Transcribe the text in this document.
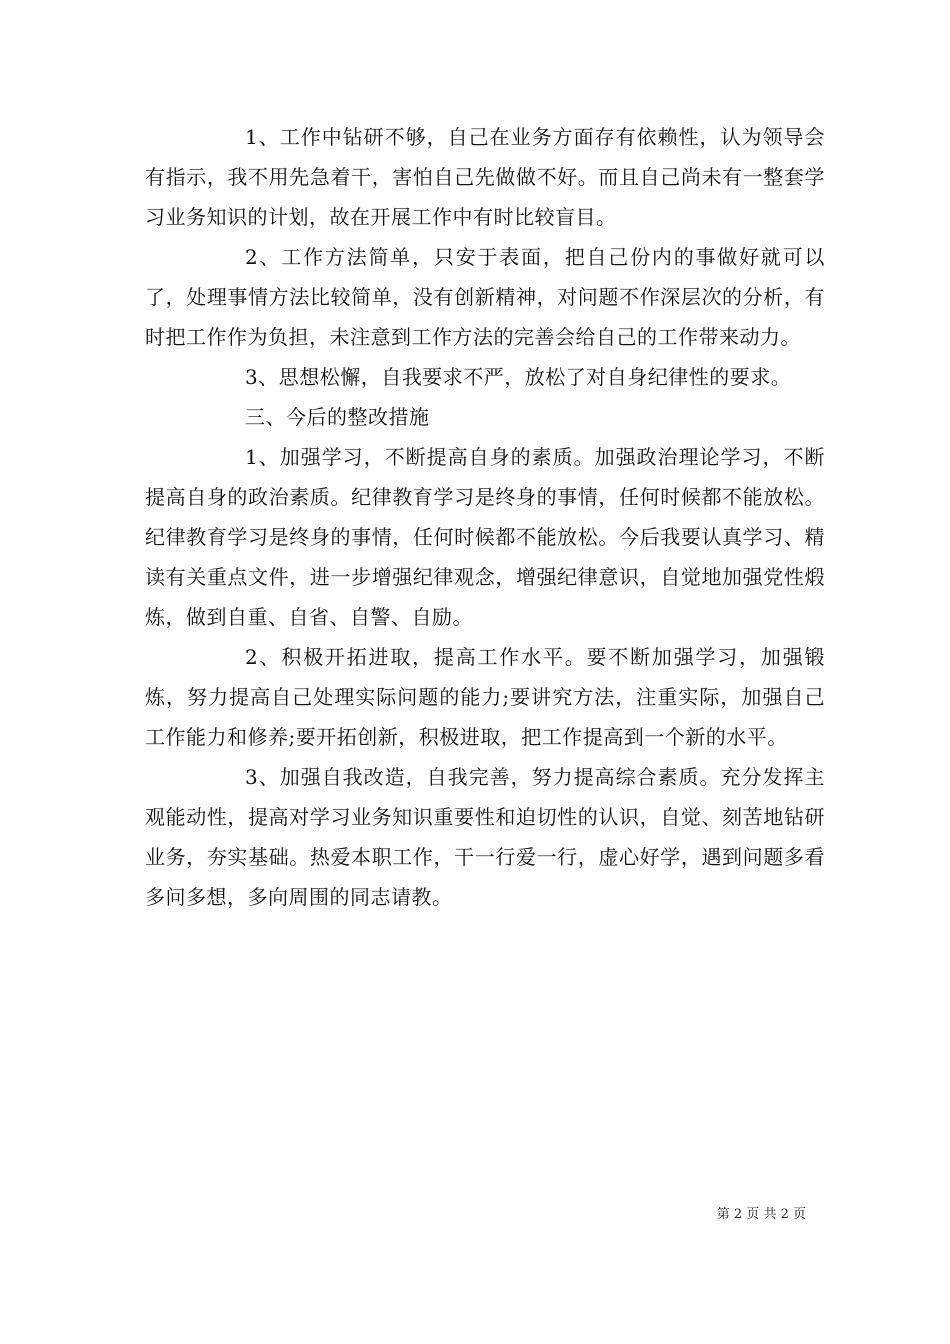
1、工作中钻研不够，自己在业务方面存有依赖性，认为领导会有指示，我不用先急着干，害怕自己先做做不好。而且自己尚未有一整套学习业务知识的计划，故在开展工作中有时比较盲目。

2、工作方法简单，只安于表面，把自己份内的事做好就可以了，处理事情方法比较简单，没有创新精神，对问题不作深层次的分析，有时把工作作为负担，未注意到工作方法的完善会给自己的工作带来动力。

3、思想松懈，自我要求不严，放松了对自身纪律性的要求。

三、今后的整改措施

1、加强学习，不断提高自身的素质。加强政治理论学习，不断提高自身的政治素质。纪律教育学习是终身的事情，任何时候都不能放松。纪律教育学习是终身的事情，任何时候都不能放松。今后我要认真学习、精读有关重点文件，进一步增强纪律观念，增强纪律意识，自觉地加强党性煅炼，做到自重、自省、自警、自励。

2、积极开拓进取，提高工作水平。要不断加强学习，加强锻炼，努力提高自己处理实际问题的能力;要讲究方法，注重实际，加强自己工作能力和修养;要开拓创新，积极进取，把工作提高到一个新的水平。

3、加强自我改造，自我完善，努力提高综合素质。充分发挥主观能动性，提高对学习业务知识重要性和迫切性的认识，自觉、刻苦地钻研业务，夯实基础。热爱本职工作，干一行爱一行，虚心好学，遇到问题多看多问多想，多向周围的同志请教。

第 2 页 共 2 页
